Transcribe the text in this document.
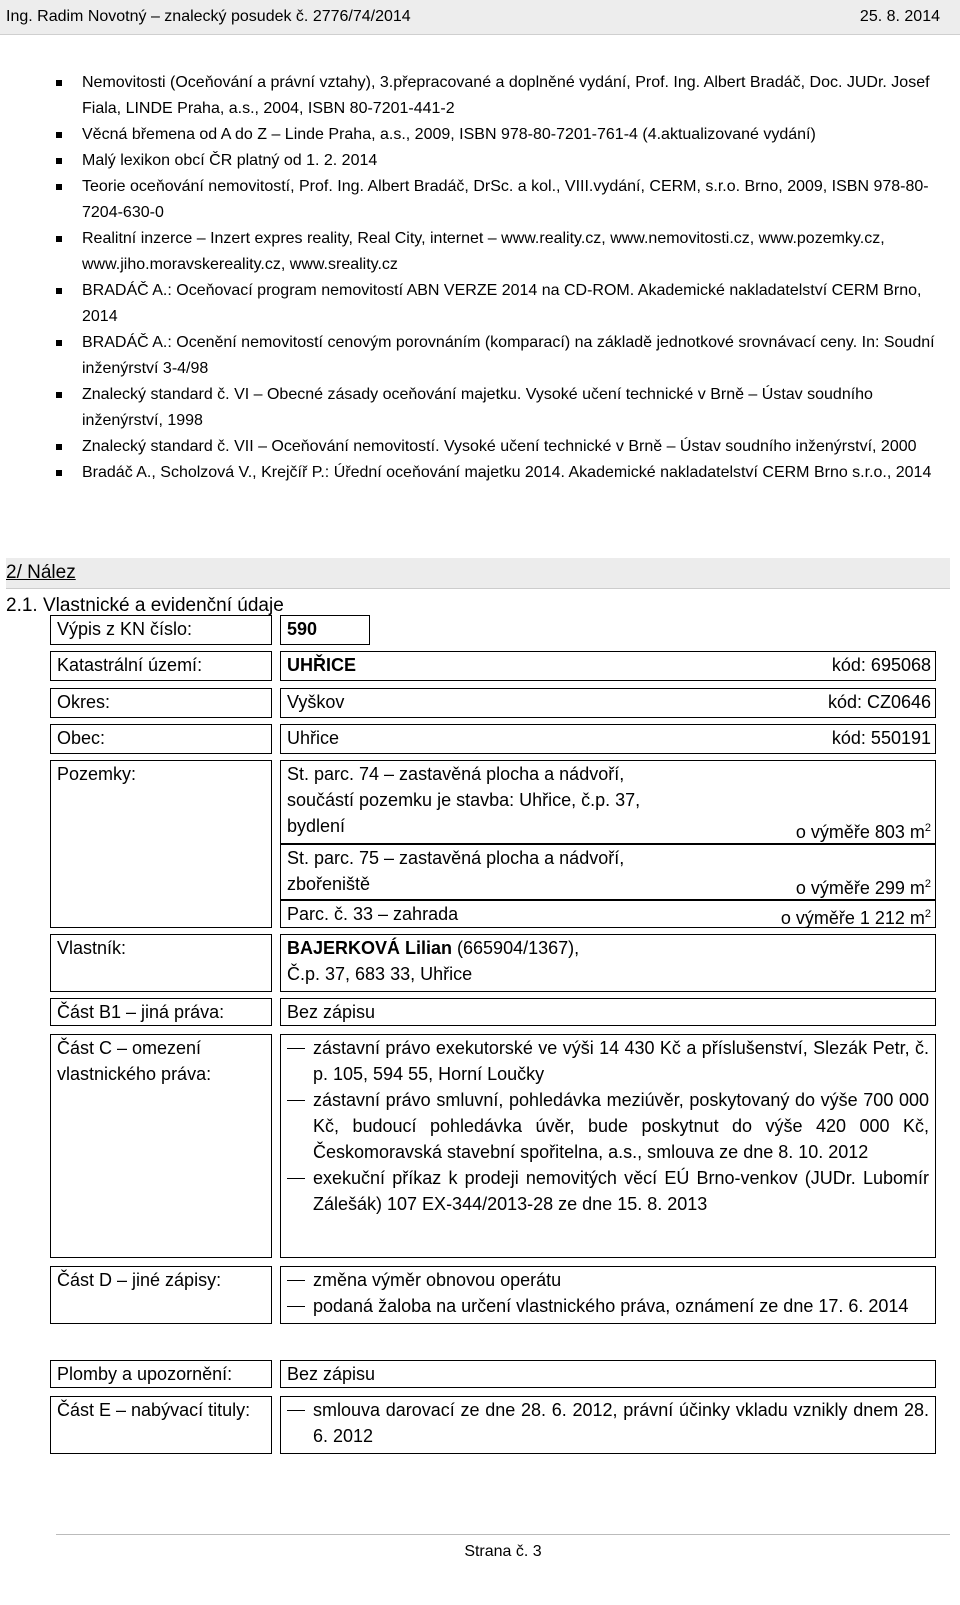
Ing. Radim Novotný – znalecký posudek č. 2776/74/2014	25. 8. 2014
Nemovitosti (Oceňování a právní vztahy), 3.přepracované a doplněné vydání, Prof. Ing. Albert Bradáč, Doc. JUDr. Josef Fiala, LINDE Praha, a.s., 2004, ISBN 80-7201-441-2
Věcná břemena od A do Z – Linde Praha, a.s., 2009, ISBN 978-80-7201-761-4 (4.aktualizované vydání)
Malý lexikon obcí ČR platný od 1. 2. 2014
Teorie oceňování nemovitostí, Prof. Ing. Albert Bradáč, DrSc. a kol., VIII.vydání, CERM, s.r.o. Brno, 2009, ISBN 978-80-7204-630-0
Realitní inzerce – Inzert expres reality, Real City, internet – www.reality.cz, www.nemovitosti.cz, www.pozemky.cz, www.jiho.moravskereality.cz, www.sreality.cz
BRADÁČ A.: Oceňovací program nemovitostí ABN VERZE 2014 na CD-ROM. Akademické nakladatelství CERM Brno, 2014
BRADÁČ A.: Ocenění nemovitostí cenovým porovnáním (komparací) na základě jednotkové srovnávací ceny. In: Soudní inženýrství 3-4/98
Znalecký standard č. VI – Obecné zásady oceňování majetku. Vysoké učení technické v Brně – Ústav soudního inženýrství, 1998
Znalecký standard č. VII – Oceňování nemovitostí. Vysoké učení technické v Brně – Ústav soudního inženýrství, 2000
Bradáč A., Scholzová V., Krejčíř P.: Úřední oceňování majetku 2014. Akademické nakladatelství CERM Brno s.r.o., 2014
2/ Nález
2.1. Vlastnické a evidenční údaje
Výpis z KN číslo:	590
Katastrální území:	UHŘICE	kód: 695068
Okres:	Vyškov	kód: CZ0646
Obec:	Uhřice	kód: 550191
Pozemky:	St. parc. 74 – zastavěná plocha a nádvoří,
součástí pozemku je stavba: Uhřice, č.p. 37,
bydlení	o výměře 803 $m^2$
St. parc. 75 – zastavěná plocha a nádvoří,
zbořeniště	o výměře 299 $m^2$
Parc. č. 33 – zahrada	o výměře 1 212 $m^2$
Vlastník:	BAJERKOVÁ Lilian (665904/1367),
Č.p. 37, 683 33, Uhřice
Část B1 – jiná práva:	Bez zápisu
Část C – omezení vlastnického práva:
zástavní právo exekutorské ve výši 14 430 Kč a příslušenství, Slezák Petr, č. p. 105, 594 55, Horní Loučky
zástavní právo smluvní, pohledávka meziúvěr, poskytovaný do výše 700 000 Kč, budoucí pohledávka úvěr, bude poskytnut do výše 420 000 Kč, Českomoravská stavební spořitelna, a.s., smlouva ze dne 8. 10. 2012
exekuční příkaz k prodeji nemovitých věcí EÚ Brno-venkov (JUDr. Lubomír Zálešák) 107 EX-344/2013-28 ze dne 15. 8. 2013
Část D – jiné zápisy:	změna výměr obnovou operátu
podaná žaloba na určení vlastnického práva, oznámení ze dne 17. 6. 2014
Plomby a upozornění:	Bez zápisu
Část E – nabývací tituly:	smlouva darovací ze dne 28. 6. 2012, právní účinky vkladu vznikly dnem 28. 6. 2012
Strana č. 3
